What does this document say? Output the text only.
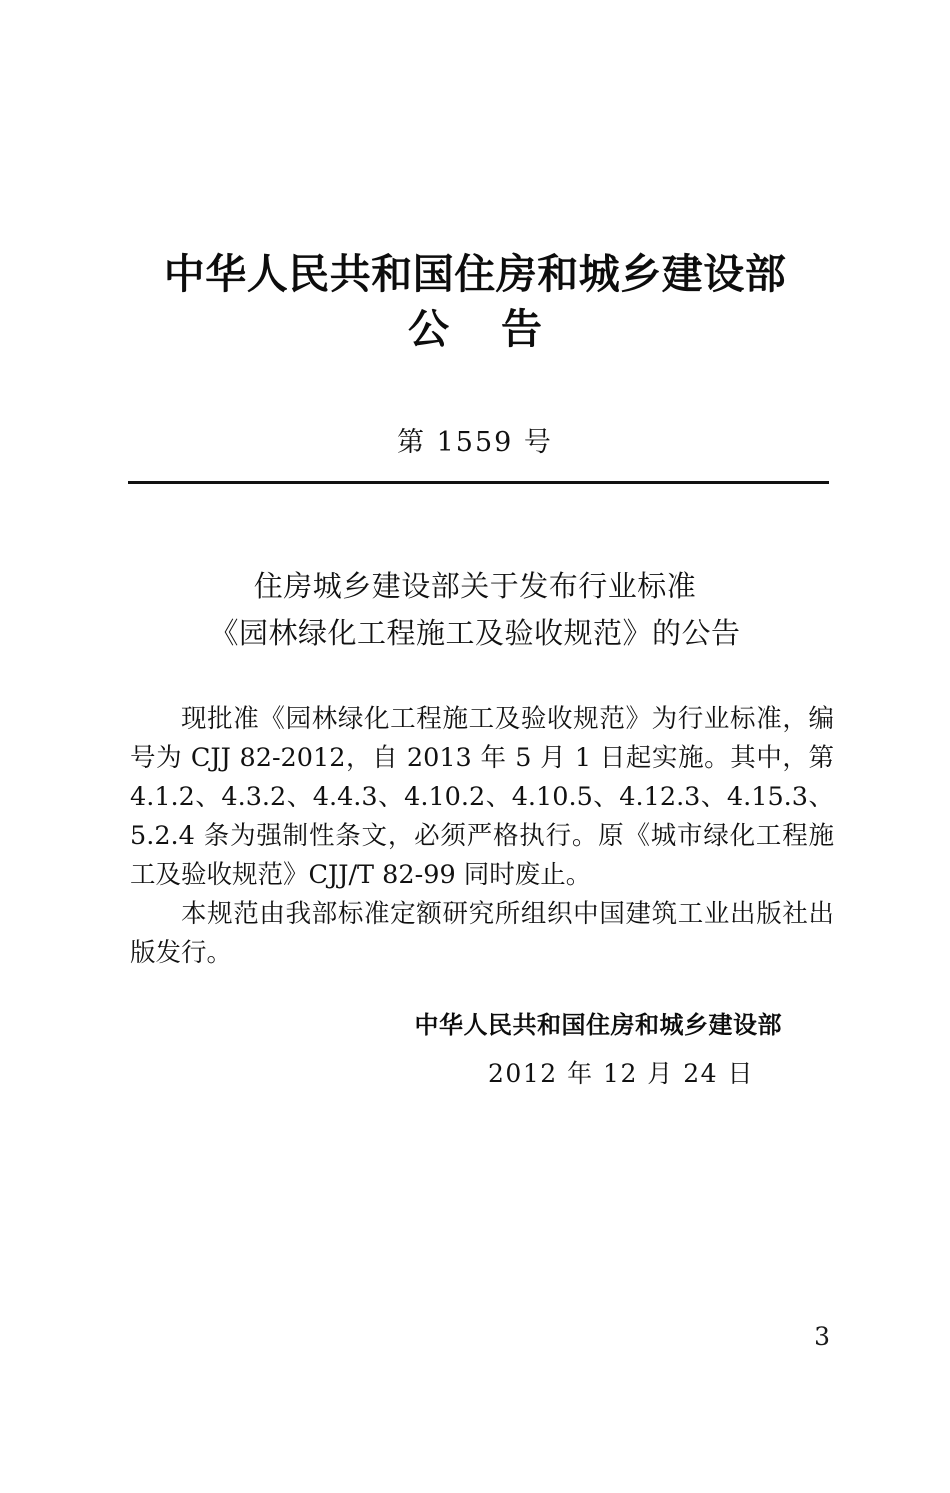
中华人民共和国住房和城乡建设部
公告
第 1559 号
住房城乡建设部关于发布行业标准
《园林绿化工程施工及验收规范》的公告

现批准《园林绿化工程施工及验收规范》为行业标准，编号为 CJJ 82‑2012，自 2013 年 5 月 1 日起实施。其中，第 4.1.2、4.3.2、4.4.3、4.10.2、4.10.5、4.12.3、4.15.3、5.2.4 条为强制性条文，必须严格执行。原《城市绿化工程施工及验收规范》CJJ/T 82‑99 同时废止。

本规范由我部标准定额研究所组织中国建筑工业出版社出版发行。

中华人民共和国住房和城乡建设部
2012 年 12 月 24 日
3
